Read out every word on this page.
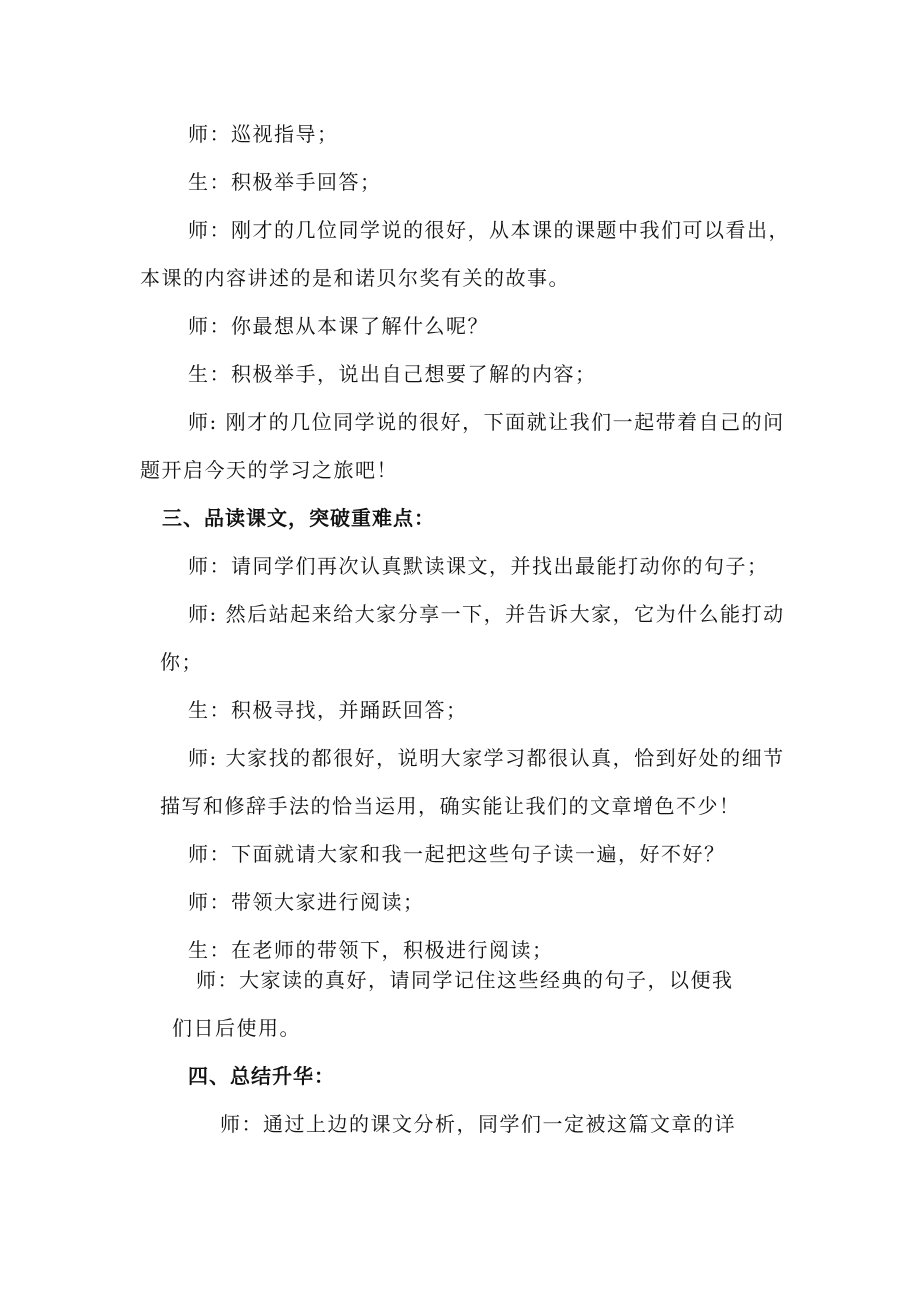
师：巡视指导；
生：积极举手回答；
师：刚才的几位同学说的很好，从本课的课题中我们可以看出，
本课的内容讲述的是和诺贝尔奖有关的故事。
师：你最想从本课了解什么呢？
生：积极举手，说出自己想要了解的内容；
师: 刚才的几位同学说的很好，下面就让我们一起带着自己的问
题开启今天的学习之旅吧！
三、品读课文，突破重难点：
师：请同学们再次认真默读课文，并找出最能打动你的句子；
师: 然后站起来给大家分享一下，并告诉大家，它为什么能打动
你；
生：积极寻找，并踊跃回答；
师: 大家找的都很好，说明大家学习都很认真，恰到好处的细节
描写和修辞手法的恰当运用，确实能让我们的文章增色不少！
师：下面就请大家和我一起把这些句子读一遍，好不好？
师：带领大家进行阅读；
生：在老师的带领下，积极进行阅读；
师：大家读的真好，请同学记住这些经典的句子，以便我
们日后使用。
四、总结升华：
师：通过上边的课文分析，同学们一定被这篇文章的详
